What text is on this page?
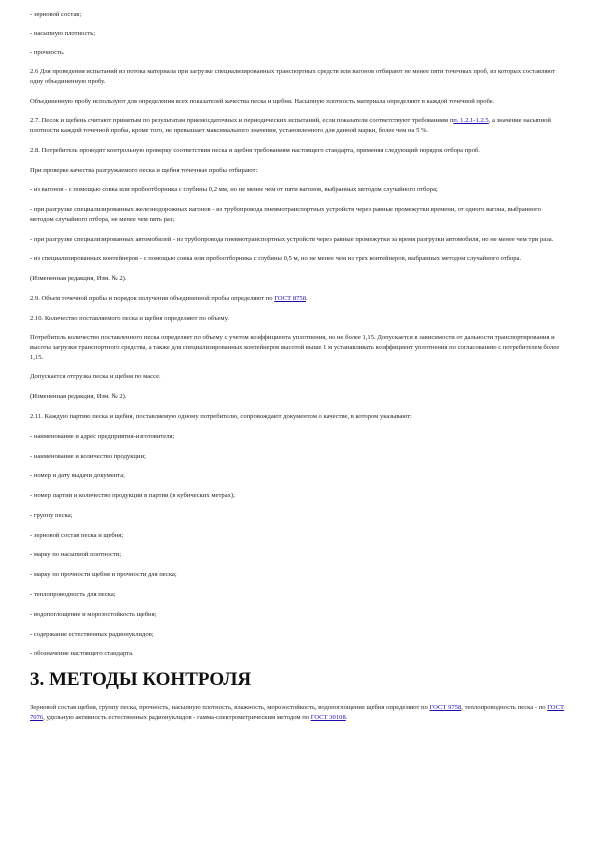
- зерновой состав;

- насыпную плотность;

- прочность.

2.6 Для проведения испытаний из потока материала при загрузке специализированных транспортных средств или вагонов отбирают не менее пяти точечных проб, из которых составляют одну объединенную пробу.

Объединенную пробу используют для определения всех показателей качества песка и щебня. Насыпную плотность материала определяют в каждой точечной пробе.

2.7. Песок и щебень считают принятым по результатам приемосдаточных и периодических испытаний, если показатели соответствуют требованиям пп. 1.2.1-1.2.5, а значение насыпной плотности каждой точечной пробы, кроме того, не превышает максимального значения, установленного для данной марки, более чем на 5 %.

2.8. Потребитель проводит контрольную проверку соответствия песка и щебня требованиям настоящего стандарта, применяя следующий порядок отбора проб.

При проверке качества разгружаемого песка и щебня точечные пробы отбирают:

- из вагонов - с помощью совка или пробоотборника с глубины 0,2 мм, но не менее чем от пяти вагонов, выбранных методом случайного отбора;

- при разгрузке специализированных железнодорожных вагонов - из трубопровода пневмотранспортных устройств через равные промежутки времени, от одного вагона, выбранного методом случайного отбора, не менее чем пять раз;

- при разгрузке специализированных автомобилей - из трубопровода пневмотранспортных устройств через равные промежутки за время разгрузки автомобиля, но не менее чем три раза.

- из специализированных контейнеров - с помощью совка или пробоотборника с глубины 0,5 м, но не менее чем из трех контейнеров, выбранных методом случайного отбора.

(Измененная редакция, Изм. № 2).

2.9. Объем точечной пробы и порядок получения объединенной пробы определяют по ГОСТ 8758.

2.10. Количество поставляемого песка и щебня определяют по объему.

Потребитель количество поставленного песка определяет по объему с учетом коэффициента уплотнения, но не более 1,15. Допускается в зависимости от дальности транспортирования и высоты загрузки транспортного средства, а также для специализированных контейнеров высотой выше 1 м устанавливать коэффициент уплотнения по согласованию с потребителем более 1,15.

Допускается отгрузка песка и щебня по массе.

(Измененная редакция, Изм. № 2).

2.11. Каждую партию песка и щебня, поставляемую одному потребителю, сопровождают документом о качестве, в котором указывают:

- наименование и адрес предприятия-изготовителя;

- наименование и количество продукции;

- номер и дату выдачи документа;

- номер партии и количество продукции в партии (в кубических метрах);

- группу песка;

- зерновой состав песка и щебня;

- марку по насыпной плотности;

- марку по прочности щебня и прочности для песка;

- теплопроводность для песка;

- водопоглощение и морозостойкость щебня;

- содержание естественных радионуклидов;

- обозначение настоящего стандарта.

3. МЕТОДЫ КОНТРОЛЯ

Зерновой состав щебня, группу песка, прочность, насыпную плотность, влажность, морозостойкость, водопоглощение щебня определяют по ГОСТ 9758, теплопроводность песка - по ГОСТ 7076, удельную активность естественных радионуклидов - гамма-спектрометрическим методом по ГОСТ 30108.
